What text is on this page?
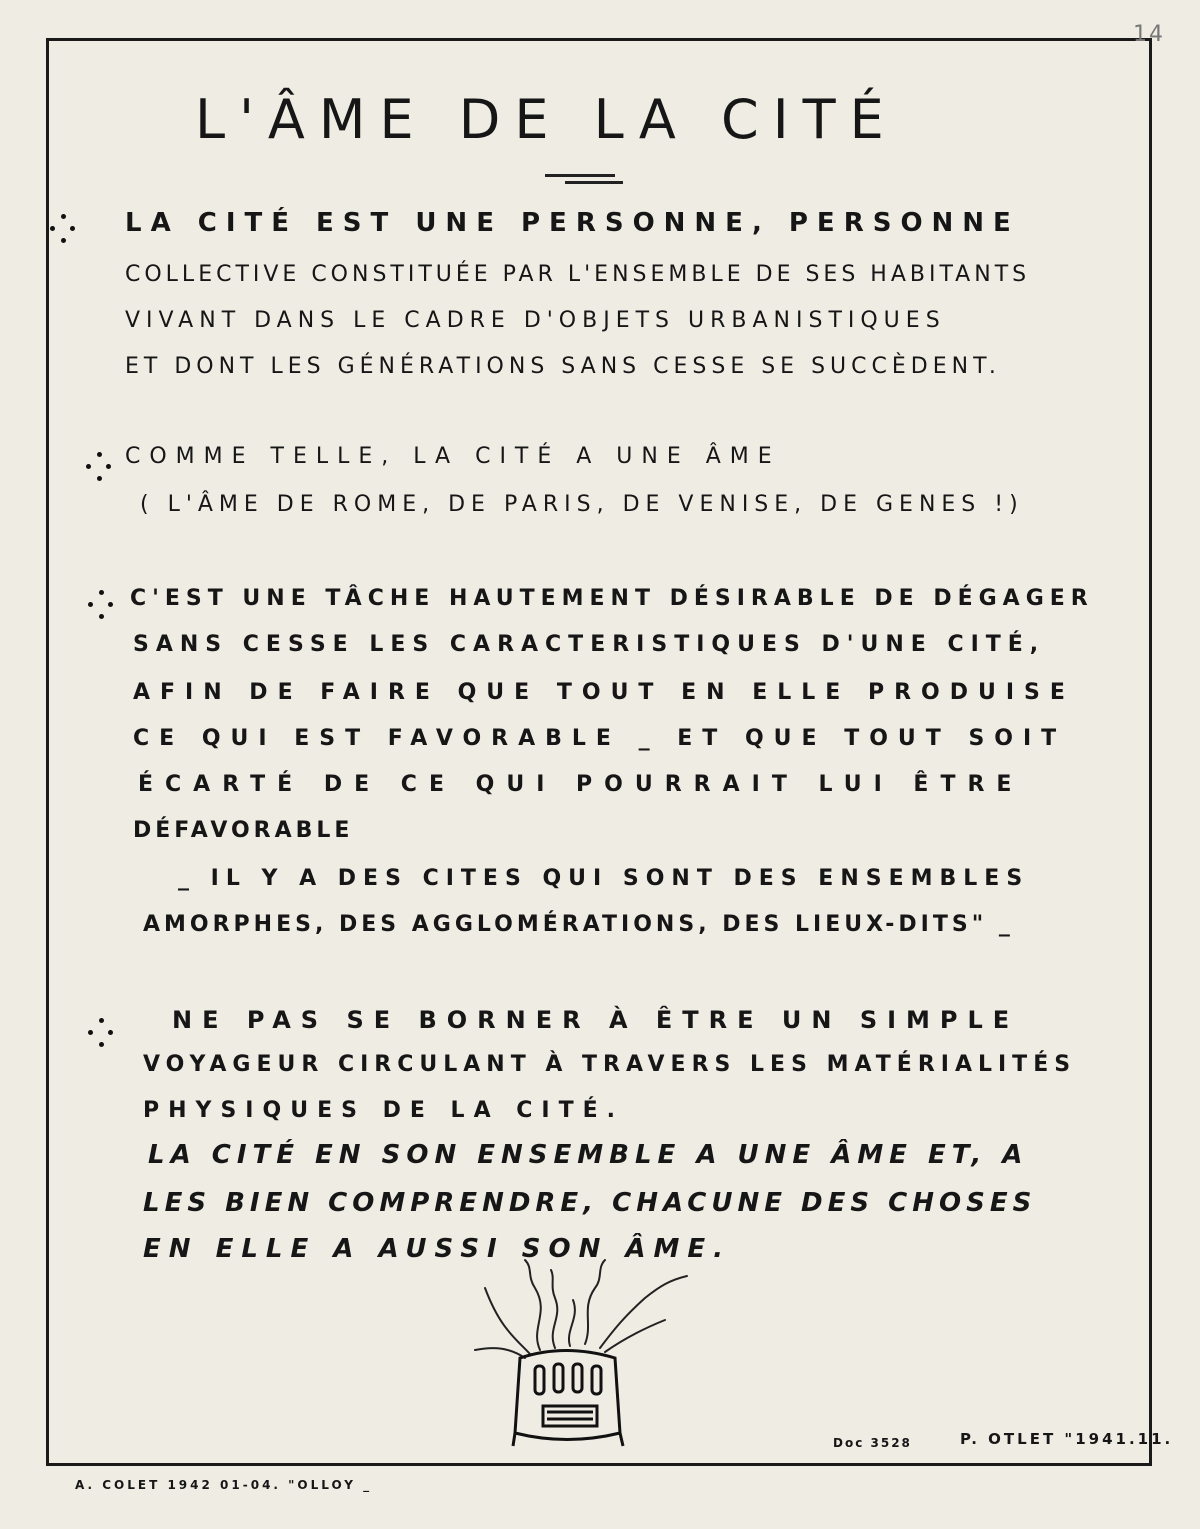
14
L'ÂME DE LA CITÉ
LA CITÉ EST UNE PERSONNE, PERSONNE
COLLECTIVE CONSTITUÉE PAR L'ENSEMBLE DE SES HABITANTS
VIVANT DANS LE CADRE D'OBJETS URBANISTIQUES
ET DONT LES GÉNÉRATIONS SANS CESSE SE SUCCÈDENT.
COMME TELLE, LA CITÉ A UNE ÂME
( L'ÂME DE ROME, DE PARIS, DE VENISE, DE GENES !)
C'EST UNE TÂCHE HAUTEMENT DÉSIRABLE DE DÉGAGER
SANS CESSE LES CARACTERISTIQUES D'UNE CITÉ,
AFIN DE FAIRE QUE TOUT EN ELLE PRODUISE
CE QUI EST FAVORABLE _ ET QUE TOUT SOIT
ÉCARTÉ DE CE QUI POURRAIT LUI ÊTRE
DÉFAVORABLE
_ IL Y A DES CITES QUI SONT DES ENSEMBLES
AMORPHES, DES AGGLOMÉRATIONS, DES LIEUX-DITS" _
NE PAS SE BORNER À ÊTRE UN SIMPLE
VOYAGEUR CIRCULANT À TRAVERS LES MATÉRIALITÉS
PHYSIQUES DE LA CITÉ.
LA CITÉ EN SON ENSEMBLE A UNE ÂME ET, A
LES BIEN COMPRENDRE, CHACUNE DES CHOSES
EN ELLE A AUSSI SON ÂME.
Doc 3528	P. OTLET "1941.11.
A. COLET 1942 01-04. "OLLOY _
